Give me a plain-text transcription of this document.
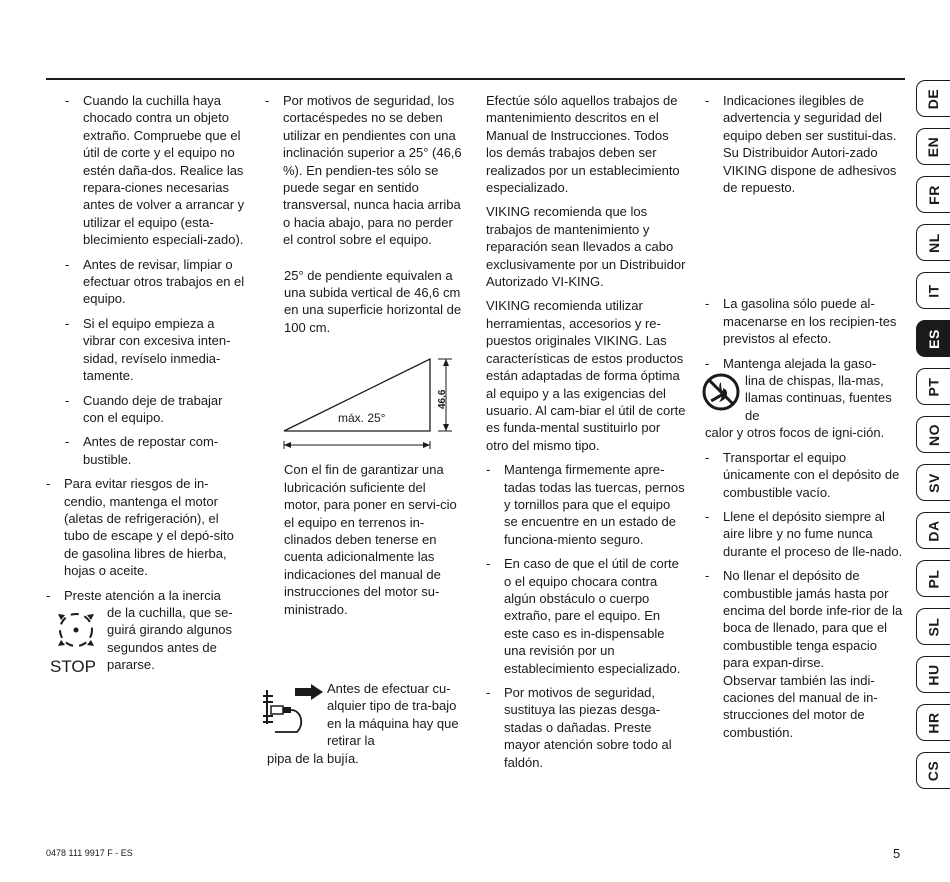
- Cuando la cuchilla haya chocado contra un objeto extraño. Compruebe que el útil de corte y el equipo no estén daña-dos. Realice las repara-ciones necesarias antes de volver a arrancar y utilizar el equipo (esta-blecimiento especiali-zado).
- Antes de revisar, limpiar o efectuar otros trabajos en el equipo.
- Si el equipo empieza a vibrar con excesiva inten-sidad, revíselo inmedia-tamente.
- Cuando deje de trabajar con el equipo.
- Antes de repostar com-bustible.
- Para evitar riesgos de in-cendio, mantenga el motor (aletas de refrigeración), el tubo de escape y el depó-sito de gasolina libres de hierba, hojas o aceite.
- Preste atención a la inercia
STOP
de la cuchilla, que se-guirá girando algunos segundos antes de pararse.
- Por motivos de seguridad, los cortacéspedes no se deben utilizar en pendientes con una inclinación superior a 25° (46,6 %). En pendien-tes sólo se puede segar en sentido transversal, nunca hacia arriba o hacia abajo, para no perder el control sobre el equipo.

25° de pendiente equivalen a una subida vertical de 46,6 cm en una superficie horizontal de 100 cm.

46,6
máx. 25°

Con el fin de garantizar una lubricación suficiente del motor, para poner en servi-cio el equipo en terrenos in-clinados deben tenerse en cuenta adicionalmente las indicaciones del manual de instrucciones del motor su-ministrado.

Antes de efectuar cu-alquier tipo de tra-bajo en la máquina hay que retirar la
pipa de la bujía.

Efectúe sólo aquellos trabajos de mantenimiento descritos en el Manual de Instrucciones. Todos los demás trabajos deben ser realizados por un establecimiento especializado.

VIKING recomienda que los trabajos de mantenimiento y reparación sean llevados a cabo exclusivamente por un Distribuidor Autorizado VI-KING.

VIKING recomienda utilizar herramientas, accesorios y re-puestos originales VIKING. Las características de estos productos están adaptadas de forma óptima al equipo y a las exigencias del usuario. Al cam-biar el útil de corte es funda-mental sustituirlo por otro del mismo tipo.

- Mantenga firmemente apre-tadas todas las tuercas, pernos y tornillos para que el equipo se encuentre en un estado de funciona-miento seguro.
- En caso de que el útil de corte o el equipo chocara contra algún obstáculo o cuerpo extraño, pare el equipo. En este caso es in-dispensable una revisión por un establecimiento especializado.
- Por motivos de seguridad, sustituya las piezas desga-stadas o dañadas. Preste mayor atención sobre todo al faldón.
- Indicaciones ilegibles de advertencia y seguridad del equipo deben ser sustitui-das. Su Distribuidor Autori-zado VIKING dispone de adhesivos de repuesto.
- La gasolina sólo puede al-macenarse en los recipien-tes previstos al efecto.
- Mantenga alejada la gaso-
lina de chispas, lla-mas, llamas continuas, fuentes de
calor y otros focos de igni-ción.
- Transportar el equipo únicamente con el depósito de combustible vacío.
- Llene el depósito siempre al aire libre y no fume nunca durante el proceso de lle-nado.
- No llenar el depósito de combustible jamás hasta por encima del borde infe-rior de la boca de llenado, para que el combustible tenga espacio para expan-dirse.
Observar también las indi-caciones del manual de in-strucciones del motor de combustión.
DE
EN
FR
NL
IT
ES
PT
NO
SV
DA
PL
SL
HU
HR
CS
0478 111 9917 F - ES	5
